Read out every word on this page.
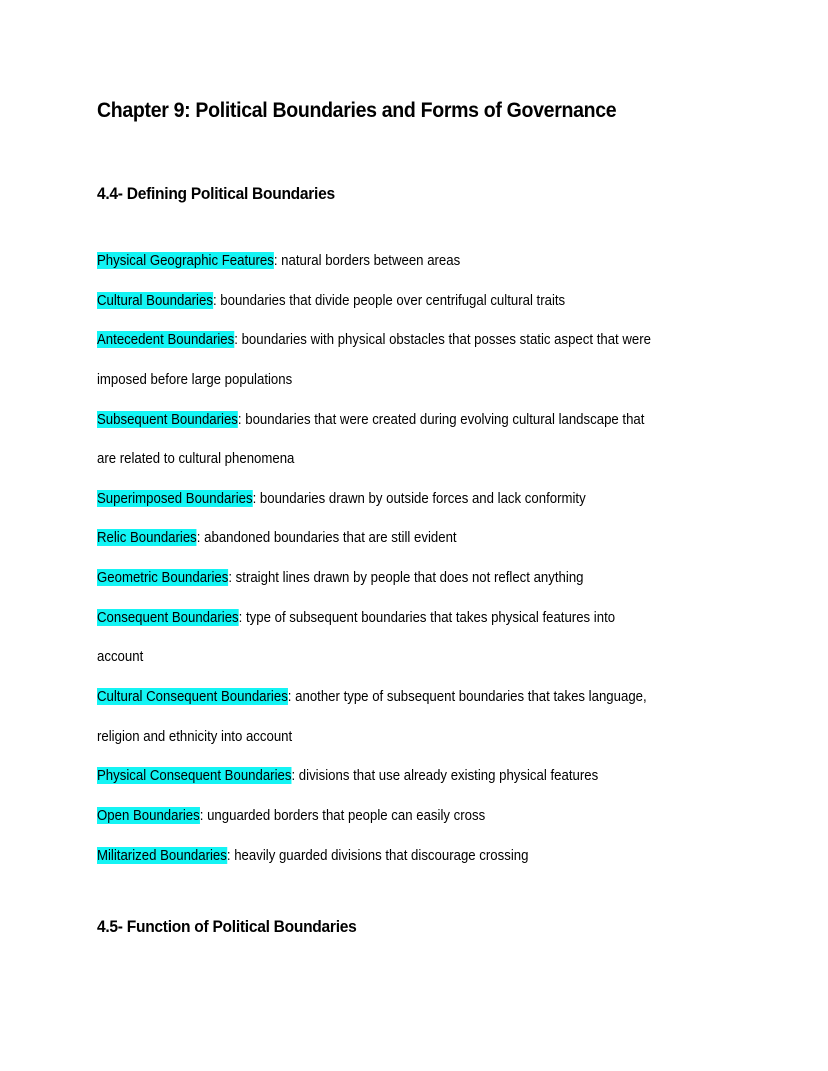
Chapter 9: Political Boundaries and Forms of Governance
4.4- Defining Political Boundaries
Physical Geographic Features: natural borders between areas
Cultural Boundaries: boundaries that divide people over centrifugal cultural traits
Antecedent Boundaries: boundaries with physical obstacles that posses static aspect that were
imposed before large populations
Subsequent Boundaries: boundaries that were created during evolving cultural landscape that
are related to cultural phenomena
Superimposed Boundaries: boundaries drawn by outside forces and lack conformity
Relic Boundaries: abandoned boundaries that are still evident
Geometric Boundaries: straight lines drawn by people that does not reflect anything
Consequent Boundaries: type of subsequent boundaries that takes physical features into
account
Cultural Consequent Boundaries: another type of subsequent boundaries that takes language,
religion and ethnicity into account
Physical Consequent Boundaries: divisions that use already existing physical features
Open Boundaries: unguarded borders that people can easily cross
Militarized Boundaries: heavily guarded divisions that discourage crossing
4.5- Function of Political Boundaries
